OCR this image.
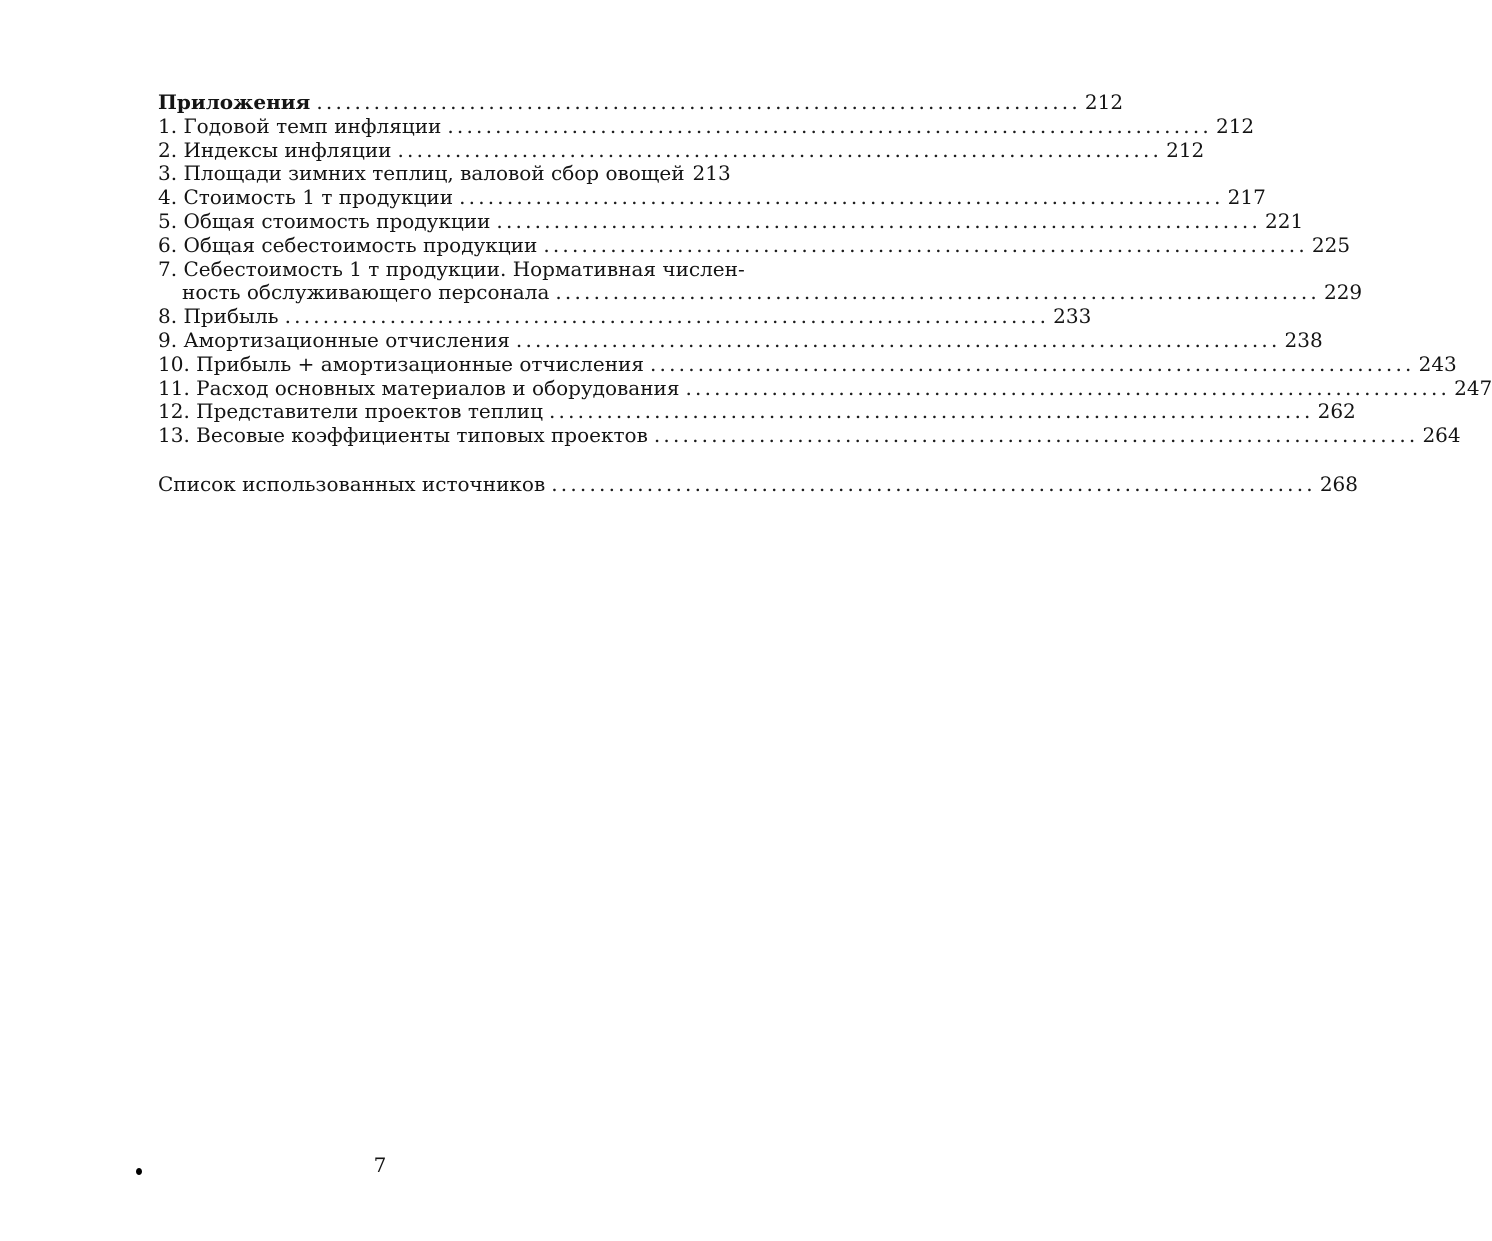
Приложения ................................................................................ 212
1. Годовой темп инфляции ................................................................................ 212
2. Индексы инфляции ................................................................................ 212
3. Площади зимних теплиц, валовой сбор овощей 213
4. Стоимость 1 т продукции ................................................................................ 217
5. Общая стоимость продукции ................................................................................ 221
6. Общая себестоимость продукции ................................................................................ 225
7. Себестоимость 1 т продукции. Нормативная числен-
ность обслуживающего персонала ................................................................................ 229
8. Прибыль ................................................................................ 233
9. Амортизационные отчисления ................................................................................ 238
10. Прибыль + амортизационные отчисления ................................................................................ 243
11. Расход основных материалов и оборудования ................................................................................ 247
12. Представители проектов теплиц ................................................................................ 262
13. Весовые коэффициенты типовых проектов ................................................................................ 264
Список использованных источников ................................................................................ 268
7
